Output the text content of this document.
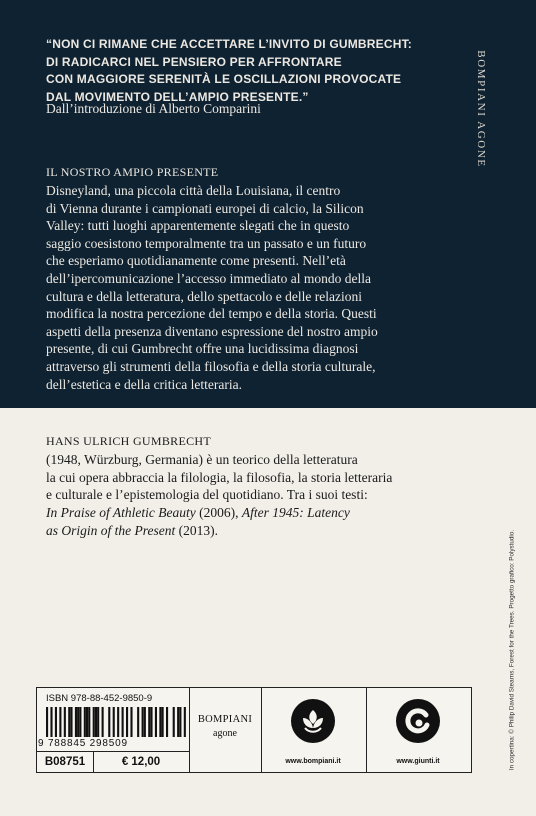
“NON CI RIMANE CHE ACCETTARE L’INVITO DI GUMBRECHT:
DI RADICARCI NEL PENSIERO PER AFFRONTARE
CON MAGGIORE SERENITÀ LE OSCILLAZIONI PROVOCATE
DAL MOVIMENTO DELL’AMPIO PRESENTE.”

Dall’introduzione di Alberto Comparini
IL NOSTRO AMPIO PRESENTE

Disneyland, una piccola città della Louisiana, il centro
di Vienna durante i campionati europei di calcio, la Silicon
Valley: tutti luoghi apparentemente slegati che in questo
saggio coesistono temporalmente tra un passato e un futuro
che esperiamo quotidianamente come presenti. Nell’età
dell’ipercomunicazione l’accesso immediato al mondo della
cultura e della letteratura, dello spettacolo e delle relazioni
modifica la nostra percezione del tempo e della storia. Questi
aspetti della presenza diventano espressione del nostro ampio
presente, di cui Gumbrecht offre una lucidissima diagnosi
attraverso gli strumenti della filosofia e della storia culturale,
dell’estetica e della critica letteraria.

BOMPIANI AGONE
HANS ULRICH GUMBRECHT
(1948, Würzburg, Germania) è un teorico della letteratura
la cui opera abbraccia la filologia, la filosofia, la storia letteraria
e culturale e l’epistemologia del quotidiano. Tra i suoi testi:
In Praise of Athletic Beauty (2006), After 1945: Latency
as Origin of the Present (2013).	In copertina: © Philip David Stearns, Forest for the Trees. Progetto grafico: Polystudio.
ISBN 978-88-452-9850-9
9 788845 298509
B08751	€ 12,00
BOMPIANI
agone
www.bompiani.it	www.giunti.it
